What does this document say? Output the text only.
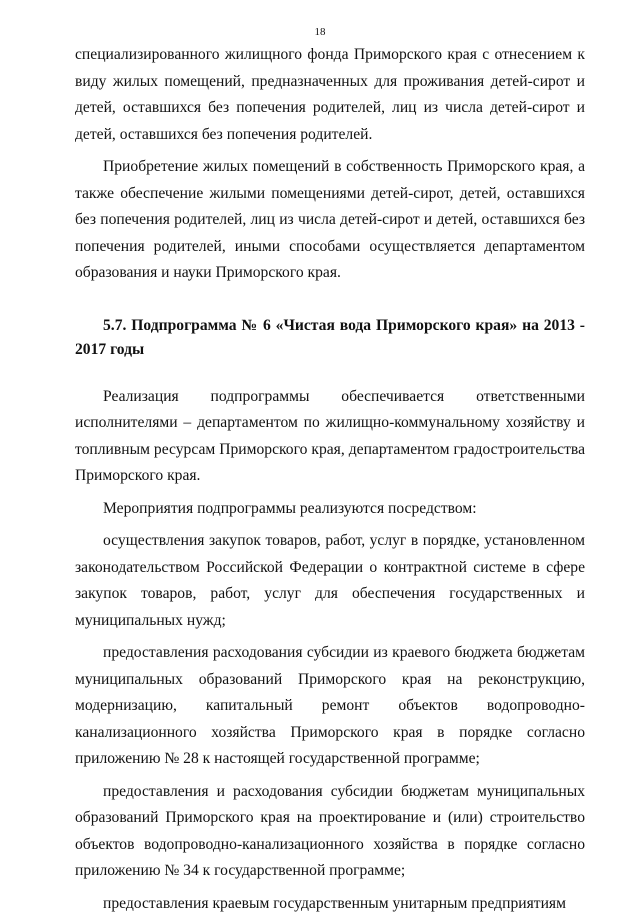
18

специализированного жилищного фонда Приморского края с отнесением к виду жилых помещений, предназначенных для проживания детей-сирот и детей, оставшихся без попечения родителей, лиц из числа детей-сирот и детей, оставшихся без попечения родителей.

Приобретение жилых помещений в собственность Приморского края, а также обеспечение жилыми помещениями детей-сирот, детей, оставшихся без попечения родителей, лиц из числа детей-сирот и детей, оставшихся без попечения родителей, иными способами осуществляется департаментом образования и науки Приморского края.

5.7. Подпрограмма № 6 «Чистая вода Приморского края» на 2013 - 2017 годы

Реализация подпрограммы обеспечивается ответственными исполнителями – департаментом по жилищно-коммунальному хозяйству и топливным ресурсам Приморского края, департаментом градостроительства Приморского края.

Мероприятия подпрограммы реализуются посредством:

осуществления закупок товаров, работ, услуг в порядке, установленном законодательством Российской Федерации о контрактной системе в сфере закупок товаров, работ, услуг для обеспечения государственных и муниципальных нужд;

предоставления расходования субсидии из краевого бюджета бюджетам муниципальных образований Приморского края на реконструкцию, модернизацию, капитальный ремонт объектов водопроводно-канализационного хозяйства Приморского края в порядке согласно приложению № 28 к настоящей государственной программе;

предоставления и расходования субсидии бюджетам муниципальных образований Приморского края на проектирование и (или) строительство объектов водопроводно-канализационного хозяйства в порядке согласно приложению № 34 к государственной программе;

предоставления краевым государственным унитарным предприятиям
